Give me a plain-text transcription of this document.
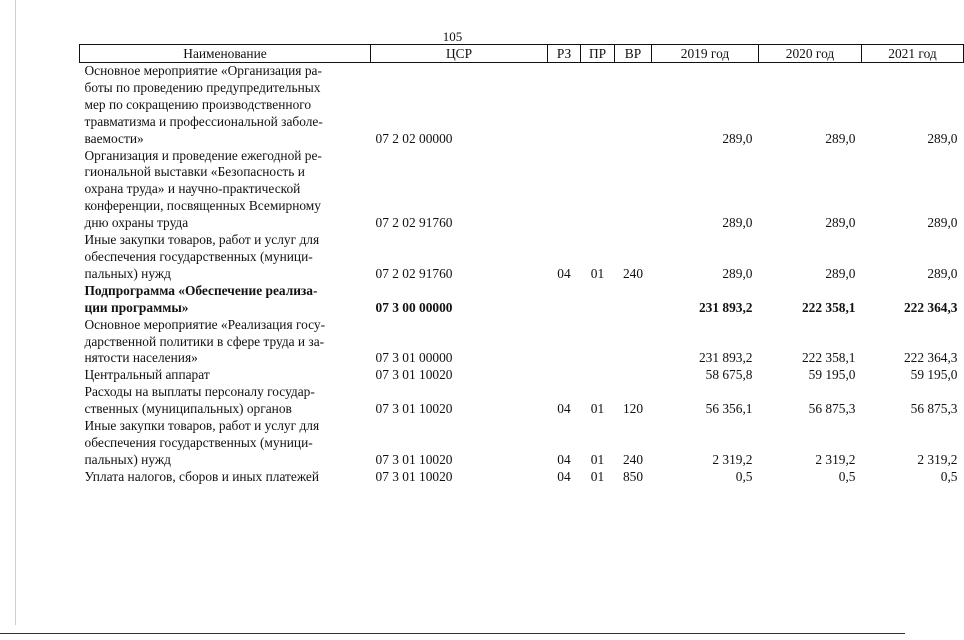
105
Наименование	ЦСР	РЗ	ПР	ВР	2019 год	2020 год	2021 год

Основное мероприятие «Организация ра-
боты по проведению предупредительных
мер по сокращению производственного
травматизма и профессиональной заболе-
ваемости»	07 2 02 00000				289,0	289,0	289,0

Организация и проведение ежегодной ре-
гиональной выставки «Безопасность и
охрана труда» и научно-практической
конференции, посвященных Всемирному
дню охраны труда	07 2 02 91760				289,0	289,0	289,0

Иные закупки товаров, работ и услуг для
обеспечения государственных (муници-
пальных) нужд	07 2 02 91760	04	01	240	289,0	289,0	289,0

Подпрограмма «Обеспечение реализа-
ции программы»	07 3 00 00000				231 893,2	222 358,1	222 364,3

Основное мероприятие «Реализация госу-
дарственной политики в сфере труда и за-
нятости населения»	07 3 01 00000				231 893,2	222 358,1	222 364,3

Центральный аппарат	07 3 01 10020				58 675,8	59 195,0	59 195,0

Расходы на выплаты персоналу государ-
ственных (муниципальных) органов	07 3 01 10020	04	01	120	56 356,1	56 875,3	56 875,3

Иные закупки товаров, работ и услуг для
обеспечения государственных (муници-
пальных) нужд	07 3 01 10020	04	01	240	2 319,2	2 319,2	2 319,2

Уплата налогов, сборов и иных платежей	07 3 01 10020	04	01	850	0,5	0,5	0,5
